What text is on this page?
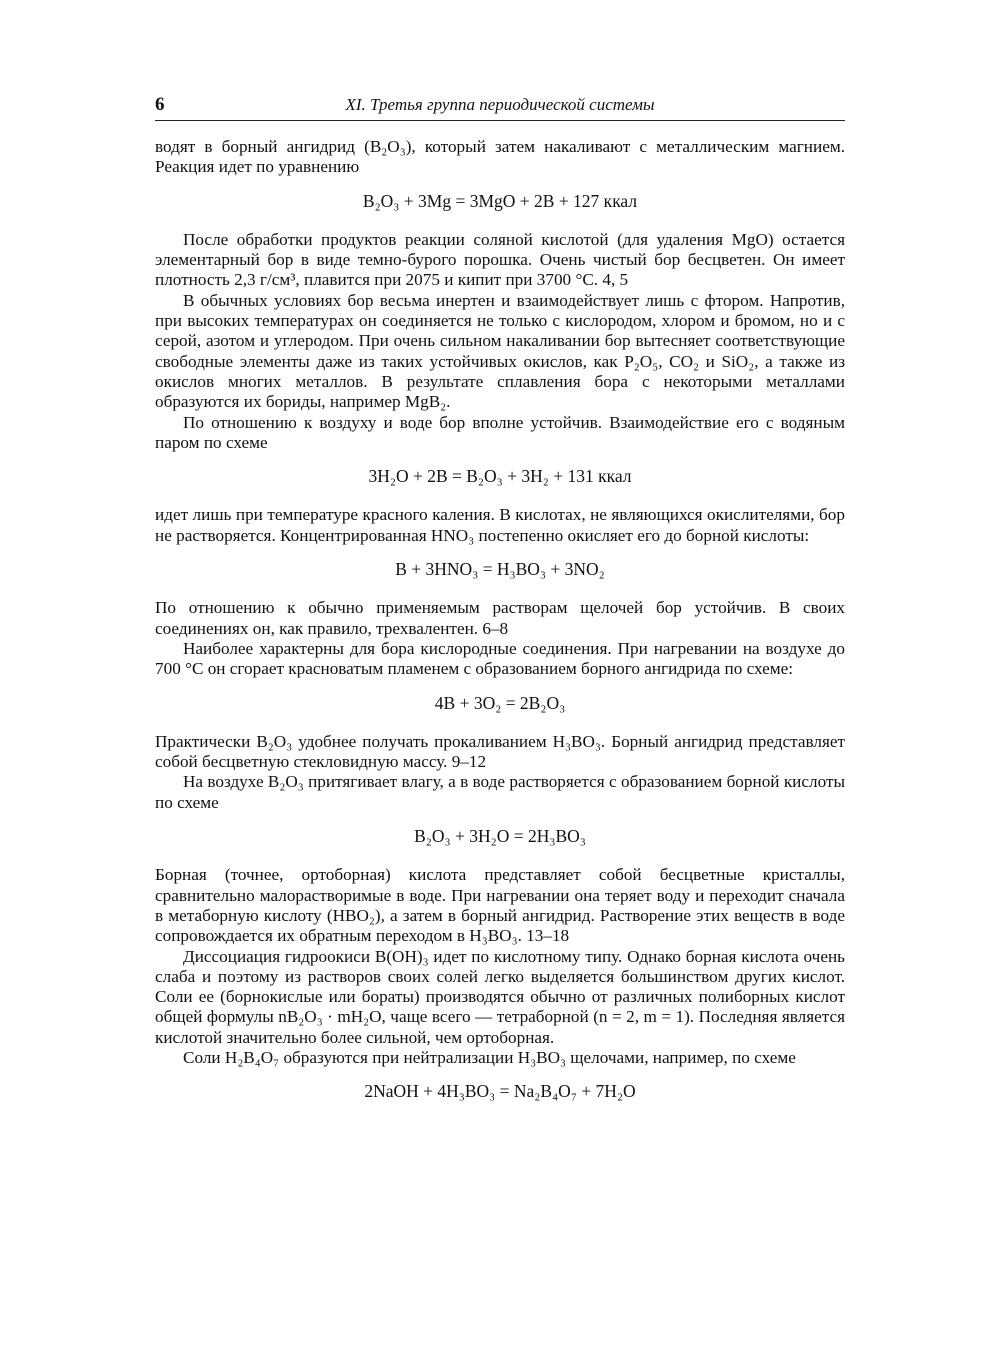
6	XI. Третья группа периодической системы

водят в борный ангидрид (B₂O₃), который затем накаливают с металлическим магнием. Реакция идет по уравнению

B₂O₃ + 3Mg = 3MgO + 2B + 127 ккал

После обработки продуктов реакции соляной кислотой (для удаления MgO) остается элементарный бор в виде темно-бурого порошка. Очень чистый бор бесцветен. Он имеет плотность 2,3 г/см³, плавится при 2075 и кипит при 3700 °C. 4, 5

В обычных условиях бор весьма инертен и взаимодействует лишь с фтором. Напротив, при высоких температурах он соединяется не только с кислородом, хлором и бромом, но и с серой, азотом и углеродом. При очень сильном накаливании бор вытесняет соответствующие свободные элементы даже из таких устойчивых окислов, как P₂O₅, CO₂ и SiO₂, а также из окислов многих металлов. В результате сплавления бора с некоторыми металлами образуются их бориды, например MgB₂.

По отношению к воздуху и воде бор вполне устойчив. Взаимодействие его с водяным паром по схеме

3H₂O + 2B = B₂O₃ + 3H₂ + 131 ккал

идет лишь при температуре красного каления. В кислотах, не являющихся окислителями, бор не растворяется. Концентрированная HNO₃ постепенно окисляет его до борной кислоты:

B + 3HNO₃ = H₃BO₃ + 3NO₂

По отношению к обычно применяемым растворам щелочей бор устойчив. В своих соединениях он, как правило, трехвалентен. 6–8

Наиболее характерны для бора кислородные соединения. При нагревании на воздухе до 700 °C он сгорает красноватым пламенем с образованием борного ангидрида по схеме:

4B + 3O₂ = 2B₂O₃

Практически B₂O₃ удобнее получать прокаливанием H₃BO₃. Борный ангидрид представляет собой бесцветную стекловидную массу. 9–12

На воздухе B₂O₃ притягивает влагу, а в воде растворяется с образованием борной кислоты по схеме

B₂O₃ + 3H₂O = 2H₃BO₃

Борная (точнее, ортоборная) кислота представляет собой бесцветные кристаллы, сравнительно малорастворимые в воде. При нагревании она теряет воду и переходит сначала в метаборную кислоту (HBO₂), а затем в борный ангидрид. Растворение этих веществ в воде сопровождается их обратным переходом в H₃BO₃. 13–18

Диссоциация гидроокиси B(OH)₃ идет по кислотному типу. Однако борная кислота очень слаба и поэтому из растворов своих солей легко выделяется большинством других кислот. Соли ее (борнокислые или бораты) производятся обычно от различных полиборных кислот общей формулы nB₂O₃ · mH₂O, чаще всего — тетраборной (n = 2, m = 1). Последняя является кислотой значительно более сильной, чем ортоборная.

Соли H₂B₄O₇ образуются при нейтрализации H₃BO₃ щелочами, например, по схеме

2NaOH + 4H₃BO₃ = Na₂B₄O₇ + 7H₂O
